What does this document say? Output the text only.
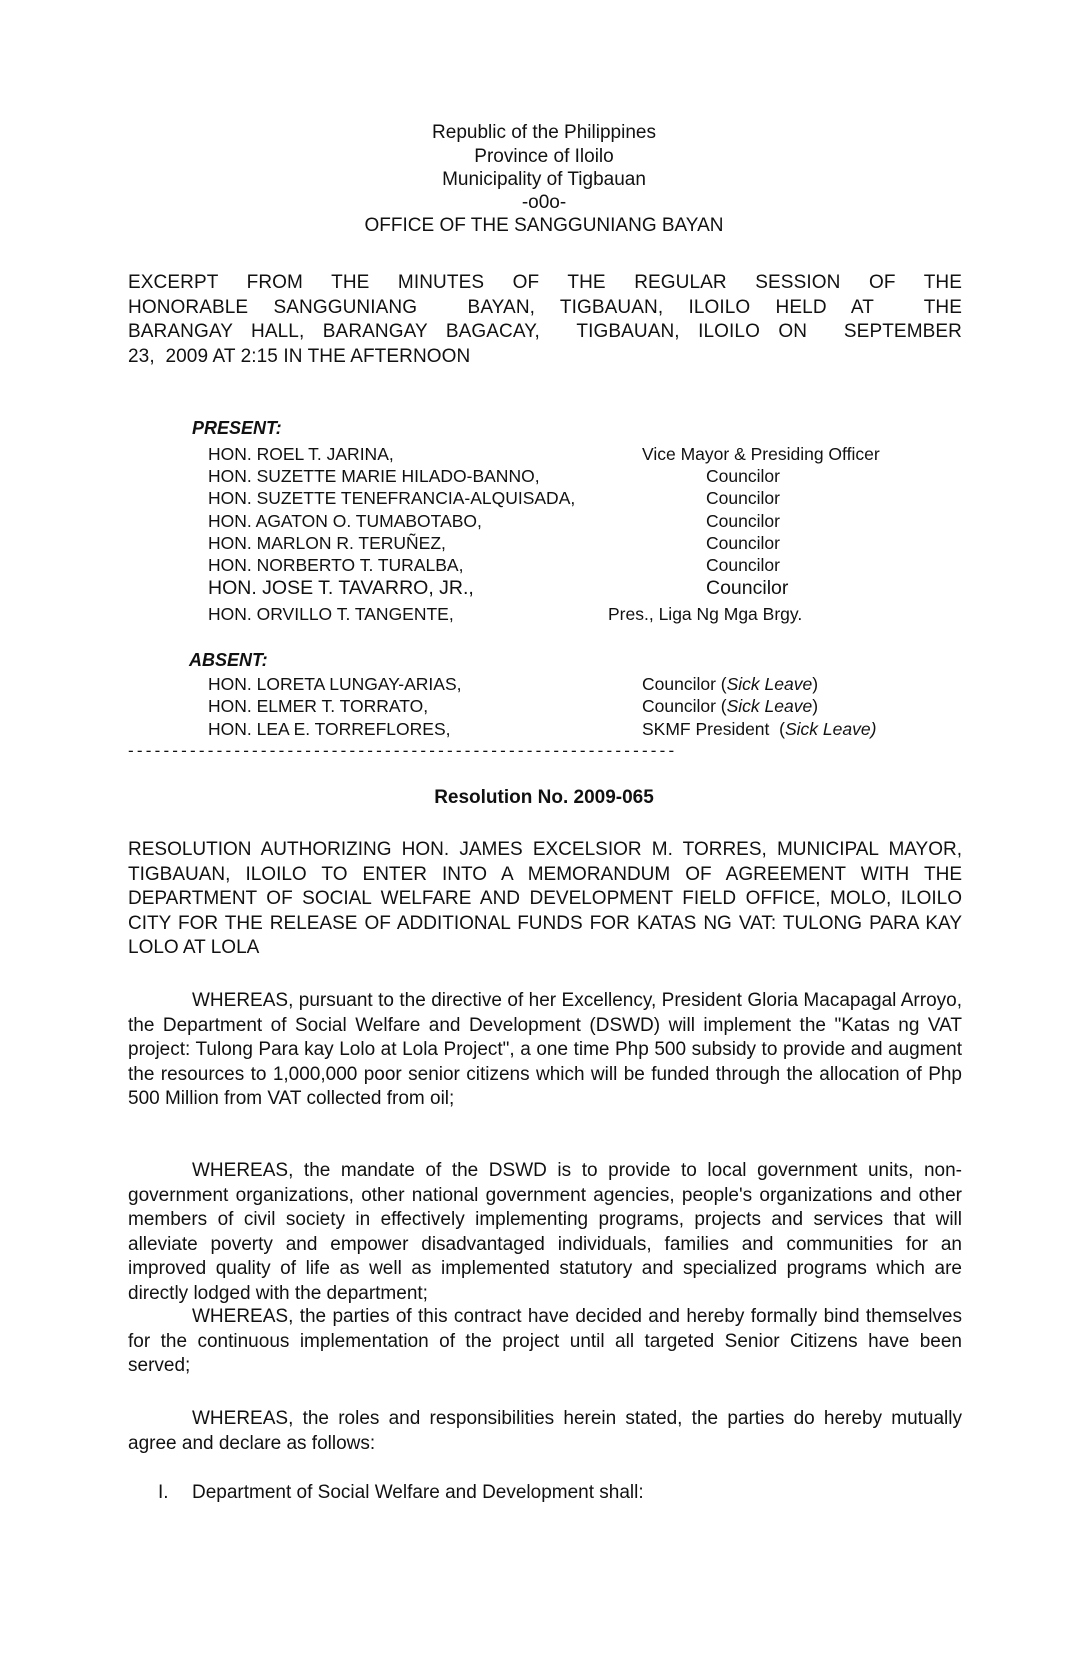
Republic of the Philippines
Province of Iloilo
Municipality of Tigbauan
-o0o-
OFFICE OF THE SANGGUNIANG BAYAN
EXCERPT FROM THE MINUTES OF THE REGULAR SESSION OF THE
HONORABLE SANGGUNIANG  BAYAN, TIGBAUAN, ILOILO HELD AT  THE
BARANGAY HALL, BARANGAY BAGACAY,  TIGBAUAN, ILOILO ON  SEPTEMBER
23,  2009 AT 2:15 IN THE AFTERNOON
PRESENT:
HON. ROEL T. JARINA,	Vice Mayor & Presiding Officer
HON. SUZETTE MARIE HILADO-BANNO,	Councilor
HON. SUZETTE TENEFRANCIA-ALQUISADA,	Councilor
HON. AGATON O. TUMABOTABO,	Councilor
HON. MARLON R. TERUÑEZ,	Councilor
HON. NORBERTO T. TURALBA,	Councilor
HON. JOSE T. TAVARRO, JR.,	Councilor
HON. ORVILLO T. TANGENTE,	Pres., Liga Ng Mga Brgy.
ABSENT:
HON. LORETA LUNGAY-ARIAS,	Councilor (Sick Leave)
HON. ELMER T. TORRATO,	Councilor (Sick Leave)
HON. LEA E. TORREFLORES,	SKMF President  (Sick Leave)
--------------------------------------------------------------
Resolution No. 2009-065
RESOLUTION AUTHORIZING HON. JAMES EXCELSIOR M. TORRES, MUNICIPAL MAYOR, TIGBAUAN, ILOILO TO ENTER INTO A MEMORANDUM OF AGREEMENT WITH THE DEPARTMENT OF SOCIAL WELFARE AND DEVELOPMENT FIELD OFFICE, MOLO, ILOILO CITY FOR THE RELEASE OF ADDITIONAL FUNDS FOR KATAS NG VAT: TULONG PARA KAY LOLO AT LOLA

WHEREAS, pursuant to the directive of her Excellency, President Gloria Macapagal Arroyo, the Department of Social Welfare and Development (DSWD) will implement the "Katas ng VAT project: Tulong Para kay Lolo at Lola Project", a one time Php 500 subsidy to provide and augment the resources to 1,000,000 poor senior citizens which will be funded through the allocation of Php 500 Million from VAT collected from oil;

WHEREAS, the mandate of the DSWD is to provide to local government units, non-government organizations, other national government agencies, people's organizations and other members of civil society in effectively implementing programs, projects and services that will alleviate poverty and empower disadvantaged individuals, families and communities for an improved quality of life as well as implemented statutory and specialized programs which are directly lodged with the department;

WHEREAS, the parties of this contract have decided and hereby formally bind themselves for the continuous implementation of the project until all targeted Senior Citizens have been served;

WHEREAS, the roles and responsibilities herein stated, the parties do hereby mutually agree and declare as follows:

I. Department of Social Welfare and Development shall:
